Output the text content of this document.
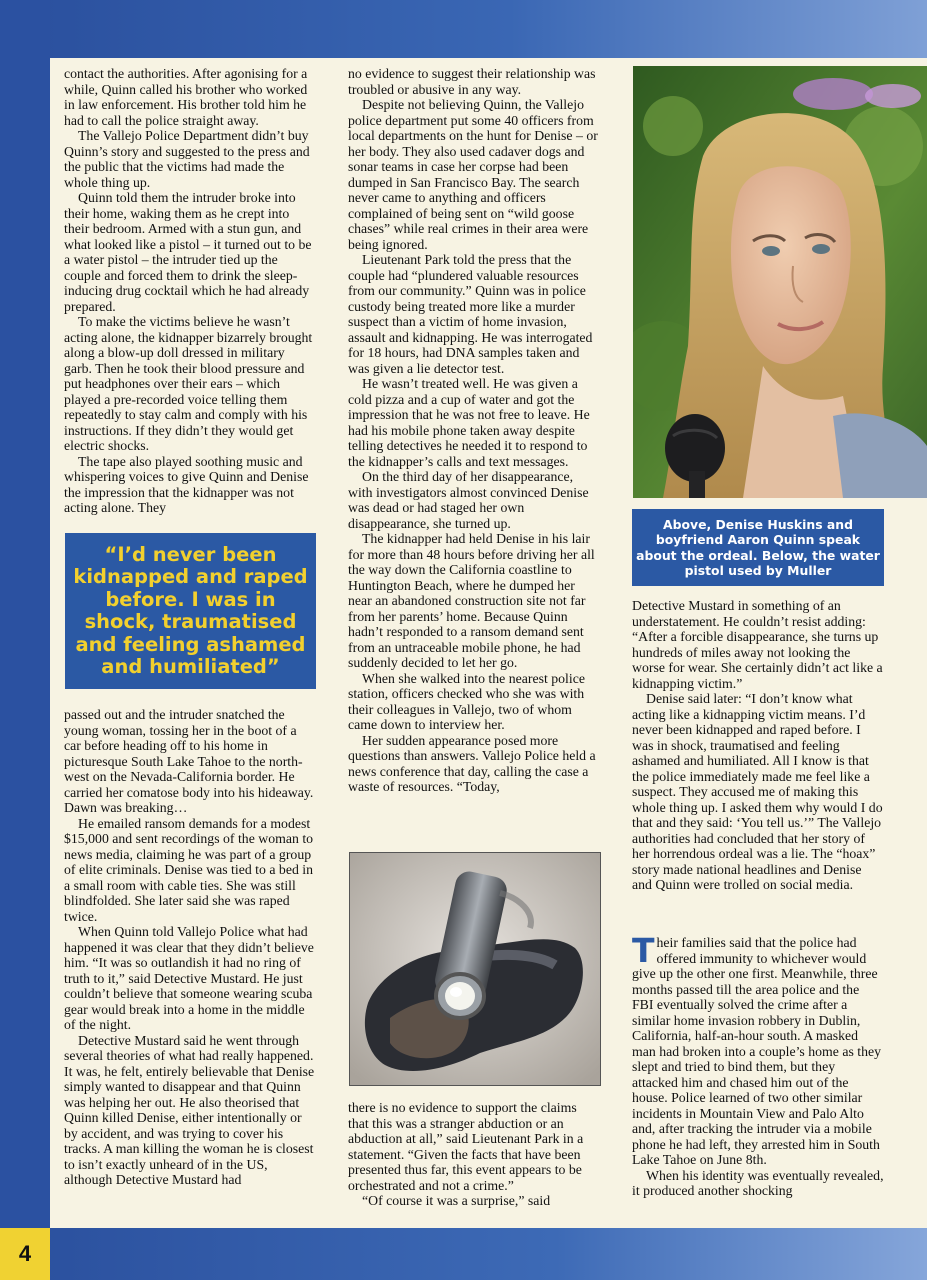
4

contact the authorities. After agonising for a while, Quinn called his brother who worked in law enforcement. His brother told him he had to call the police straight away.

The Vallejo Police Department didn’t buy Quinn’s story and suggested to the press and the public that the victims had made the whole thing up.

Quinn told them the intruder broke into their home, waking them as he crept into their bedroom. Armed with a stun gun, and what looked like a pistol – it turned out to be a water pistol – the intruder tied up the couple and forced them to drink the sleep-inducing drug cocktail which he had already prepared.

To make the victims believe he wasn’t acting alone, the kidnapper bizarrely brought along a blow-up doll dressed in military garb. Then he took their blood pressure and put headphones over their ears – which played a pre-recorded voice telling them repeatedly to stay calm and comply with his instructions. If they didn’t they would get electric shocks.

The tape also played soothing music and whispering voices to give Quinn and Denise the impression that the kidnapper was not acting alone. They

“I’d never been kidnapped and raped before. I was in shock, traumatised and feeling ashamed and humiliated”

passed out and the intruder snatched the young woman, tossing her in the boot of a car before heading off to his home in picturesque South Lake Tahoe to the north-west on the Nevada-California border. He carried her comatose body into his hideaway. Dawn was breaking…

He emailed ransom demands for a modest $15,000 and sent recordings of the woman to news media, claiming he was part of a group of elite criminals. Denise was tied to a bed in a small room with cable ties. She was still blindfolded. She later said she was raped twice.

When Quinn told Vallejo Police what had happened it was clear that they didn’t believe him. “It was so outlandish it had no ring of truth to it,” said Detective Mustard. He just couldn’t believe that someone wearing scuba gear would break into a home in the middle of the night.

Detective Mustard said he went through several theories of what had really happened. It was, he felt, entirely believable that Denise simply wanted to disappear and that Quinn was helping her out. He also theorised that Quinn killed Denise, either intentionally or by accident, and was trying to cover his tracks. A man killing the woman he is closest to isn’t exactly unheard of in the US, although Detective Mustard had

no evidence to suggest their relationship was troubled or abusive in any way.

Despite not believing Quinn, the Vallejo police department put some 40 officers from local departments on the hunt for Denise – or her body. They also used cadaver dogs and sonar teams in case her corpse had been dumped in San Francisco Bay. The search never came to anything and officers complained of being sent on “wild goose chases” while real crimes in their area were being ignored.

Lieutenant Park told the press that the couple had “plundered valuable resources from our community.” Quinn was in police custody being treated more like a murder suspect than a victim of home invasion, assault and kidnapping. He was interrogated for 18 hours, had DNA samples taken and was given a lie detector test.

He wasn’t treated well. He was given a cold pizza and a cup of water and got the impression that he was not free to leave. He had his mobile phone taken away despite telling detectives he needed it to respond to the kidnapper’s calls and text messages.

On the third day of her disappearance, with investigators almost convinced Denise was dead or had staged her own disappearance, she turned up.

The kidnapper had held Denise in his lair for more than 48 hours before driving her all the way down the California coastline to Huntington Beach, where he dumped her near an abandoned construction site not far from her parents’ home. Because Quinn hadn’t responded to a ransom demand sent from an untraceable mobile phone, he had suddenly decided to let her go.

When she walked into the nearest police station, officers checked who she was with their colleagues in Vallejo, two of whom came down to interview her.

Her sudden appearance posed more questions than answers. Vallejo Police held a news conference that day, calling the case a waste of resources. “Today,

there is no evidence to support the claims that this was a stranger abduction or an abduction at all,” said Lieutenant Park in a statement. “Given the facts that have been presented thus far, this event appears to be orchestrated and not a crime.”

“Of course it was a surprise,” said

Above, Denise Huskins and boyfriend Aaron Quinn speak about the ordeal. Below, the water pistol used by Muller

Detective Mustard in something of an understatement. He couldn’t resist adding: “After a forcible disappearance, she turns up hundreds of miles away not looking the worse for wear. She certainly didn’t act like a kidnapping victim.”

Denise said later: “I don’t know what acting like a kidnapping victim means. I’d never been kidnapped and raped before. I was in shock, traumatised and feeling ashamed and humiliated. All I know is that the police immediately made me feel like a suspect. They accused me of making this whole thing up. I asked them why would I do that and they said: ‘You tell us.’” The Vallejo authorities had concluded that her story of her horrendous ordeal was a lie. The “hoax” story made national headlines and Denise and Quinn were trolled on social media.

Their families said that the police had offered immunity to whichever would give up the other one first. Meanwhile, three months passed till the area police and the FBI eventually solved the crime after a similar home invasion robbery in Dublin, California, half-an-hour south. A masked man had broken into a couple’s home as they slept and tried to bind them, but they attacked him and chased him out of the house. Police learned of two other similar incidents in Mountain View and Palo Alto and, after tracking the intruder via a mobile phone he had left, they arrested him in South Lake Tahoe on June 8th.

When his identity was eventually revealed, it produced another shocking
